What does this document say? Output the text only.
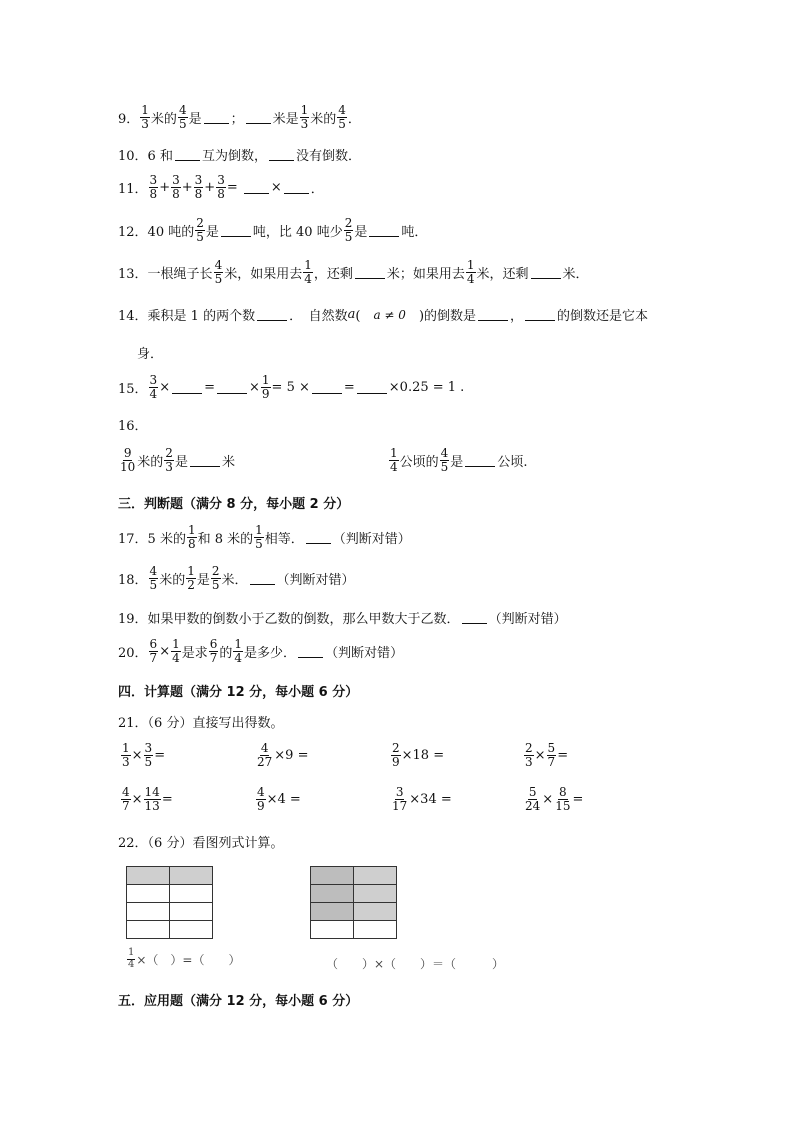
9． $\frac{1}{3}$ 米的 $\frac{4}{5}$ 是 ； 米是 $\frac{1}{3}$ 米的 $\frac{4}{5}$ ．
10． 6 和 互为倒数， 没有倒数．
11． $\frac{3}{8} + \frac{3}{8} + \frac{3}{8} + \frac{3}{8}$ =
	× ．
12． 40 吨的 $\frac{2}{5}$ 是	吨，比 40 吨少 $\frac{2}{5}$ 是	吨．
13． 一根绳子长 $\frac{4}{5}$ 米，如果用去 $\frac{1}{4}$ ，还剩	米；如果用去 $\frac{1}{4}$ 米，还剩	米．
14． 乘积是 1 的两个数	．　自然数 a (　 a ≠ 0 　)的倒数是	，	的倒数还是它本
身．
15． $\frac{3}{4}$ ×	=	× $\frac{1}{9} = 5$ ×	=	×0.25 = 1 .
16．
$\frac{9}{10}$ 米的 $\frac{2}{3}$ 是	米	$\frac{1}{4}$ 公顷的 $\frac{4}{5}$ 是	公顷.
三．判断题（满分 8 分，每小题 2 分）
17． 5 米的 $\frac{1}{8}$ 和 8 米的 $\frac{1}{5}$ 相等． （判断对错）
18． $\frac{4}{5}$ 米的 $\frac{1}{2}$ 是 $\frac{2}{5}$ 米． （判断对错）
19． 如果甲数的倒数小于乙数的倒数，那么甲数大于乙数． （判断对错）
20． $\frac{6}{7} \times \frac{1}{4}$ 是求 $\frac{6}{7}$ 的 $\frac{1}{4}$ 是多少． （判断对错）
四．计算题（满分 12 分，每小题 6 分）
21．（6 分）直接写出得数。
$\frac{1}{3} \times \frac{3}{5}$ =	$\frac{4}{27} \times 9$ =	$\frac{2}{9} \times 18$ =	$\frac{2}{3} \times \frac{5}{7}$ =
$\frac{4}{7} \times \frac{14}{13}$ =	$\frac{4}{9} \times 4$ =	$\frac{3}{17} \times 34$ =	$\frac{5}{24} \times \frac{8}{15}$ =
22．（6 分）看图列式计算。

$\frac{1}{4}$ ×（　）=（　　）	（　　）×（　　）＝（　　　）
五．应用题（满分 12 分，每小题 6 分）
